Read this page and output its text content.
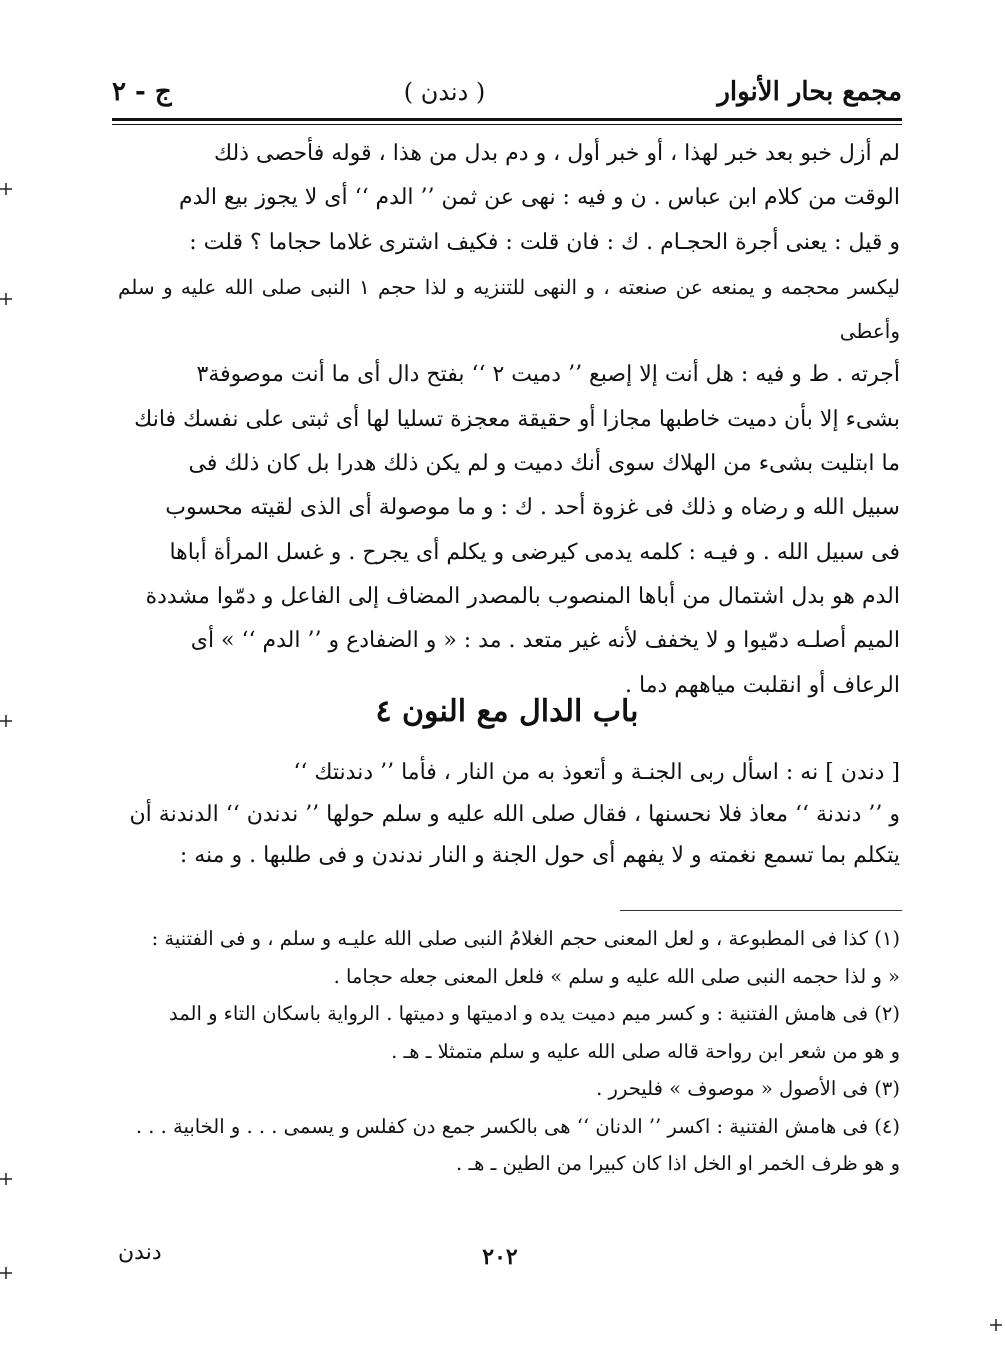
مجمع بحار الأنوار
( دندن )
ج - ٢

لم أزل خبو بعد خبر لهذا ، أو خبر أول ، و دم بدل من هذا ، قوله فأحصى ذلك

الوقت من كلام ابن عباس . ن و فيه : نهى عن ثمن ’’ الدم ‘‘ أى لا يجوز بيع الدم

و قيل : يعنى أجرة الحجـام . ك : فان قلت : فكيف اشترى غلاما حجاما ؟ قلت :

ليكسر محجمه و يمنعه عن صنعته ، و النهى للتنزيه و لذا حجم ١ النبى صلى الله عليه و سلم وأعطى

أجرته . ط و فيه : هل أنت إلا إصبع ’’ دميت ٢ ‘‘ بفتح دال أى ما أنت موصوفة٣

بشىء إلا بأن دميت خاطبها مجازا أو حقيقة معجزة تسليا لها أى ثبتى على نفسك فانك

ما ابتليت بشىء من الهلاك سوى أنك دميت و لم يكن ذلك هدرا بل كان ذلك فى

سبيل الله و رضاه و ذلك فى غزوة أحد . ك : و ما موصولة أى الذى لقيته محسوب

فى سبيل الله . و فيـه : كلمه يدمى كيرضى و يكلم أى يجرح . و غسل المرأة أباها

الدم هو بدل اشتمال من أباها المنصوب بالمصدر المضاف إلى الفاعل و دمّوا مشددة

الميم أصلـه دمّيوا و لا يخفف لأنه غير متعد . مد : « و الضفادع و ’’ الدم ‘‘ » أى

الرعاف أو انقلبت مياههم دما .

باب الدال مع النون ٤

[ دندن ] نه : اسأل ربى الجنـة و أتعوذ به من النار ، فأما ’’ دندنتك ‘‘

و ’’ دندنة ‘‘ معاذ فلا نحسنها ، فقال صلى الله عليه و سلم حولها ’’ ندندن ‘‘ الدندنة أن

يتكلم بما تسمع نغمته و لا يفهم أى حول الجنة و النار ندندن و فى طلبها . و منه :

(١) كذا فى المطبوعة ، و لعل المعنى حجم الغلامُ النبى صلى الله عليـه و سلم ، و فى الفتنية :

« و لذا حجمه النبى صلى الله عليه و سلم » فلعل المعنى جعله حجاما .

(٢) فى هامش الفتنية : و كسر ميم دميت يده و ادميتها و دميتها . الرواية باسكان التاء و المد

و هو من شعر ابن رواحة قاله صلى الله عليه و سلم متمثلا ـ هـ .

(٣) فى الأصول « موصوف » فليحرر .

(٤) فى هامش الفتنية : اكسر ’’ الدنان ‘‘ هى بالكسر جمع دن كفلس و يسمى . . . و الخابية . . .

و هو ظرف الخمر او الخل اذا كان كبيرا من الطين ـ هـ .

٢٠٢
دندن
